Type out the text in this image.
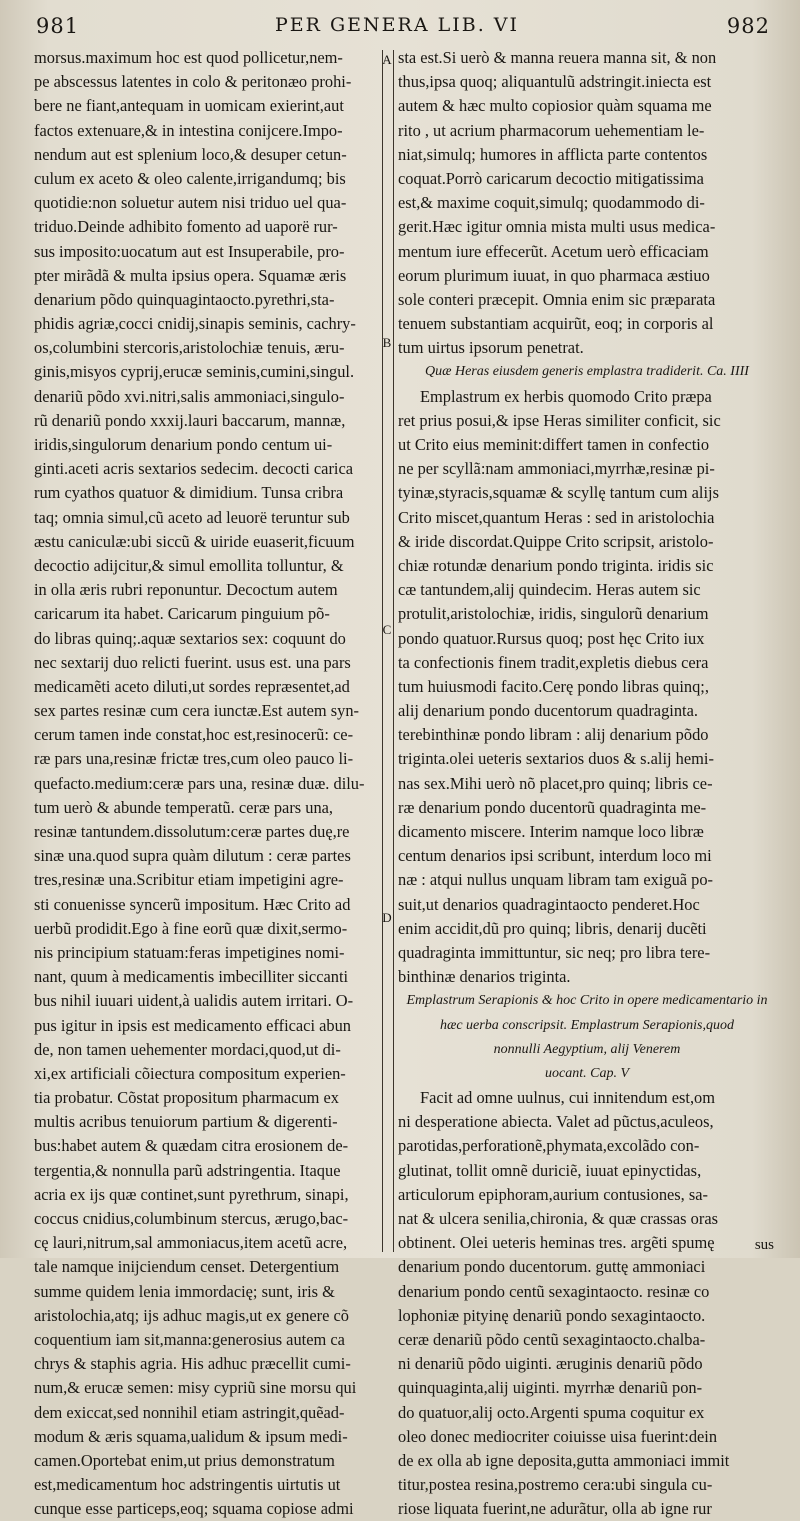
981	PER GENERA LIB. VI	982
A
B
C
D
morsus.maximum hoc est quod pollicetur,nem-
pe abscessus latentes in colo & peritonæo prohi-
bere ne fiant,antequam in uomicam exierint,aut
factos extenuare,& in intestina conijcere.Impo-
nendum aut est splenium loco,& desuper cetun-
culum ex aceto & oleo calente,irrigandumq; bis
quotidie:non soluetur autem nisi triduo uel qua-
triduo.Deinde adhibito fomento ad uaporë rur-
sus imposito:uocatum aut est Insuperabile, pro-
pter mirãdã & multa ipsius opera. Squamæ æris
denarium põdo quinquagintaocto.pyrethri,sta-
phidis agriæ,cocci cnidij,sinapis seminis, cachry-
os,columbini stercoris,aristolochiæ tenuis, æru-
ginis,misyos cyprij,erucæ seminis,cumini,singul.
denariũ põdo xvi.nitri,salis ammoniaci,singulo-
rũ denariũ pondo xxxij.lauri baccarum, mannæ,
iridis,singulorum denarium pondo centum ui-
ginti.aceti acris sextarios sedecim. decocti carica
rum cyathos quatuor & dimidium. Tunsa cribra
taq; omnia simul,cũ aceto ad leuorë teruntur sub
æstu caniculæ:ubi siccũ & uiride euaserit,ficuum
decoctio adijcitur,& simul emollita tolluntur, &
in olla æris rubri reponuntur. Decoctum autem
caricarum ita habet. Caricarum pinguium põ-
do libras quinq;.aquæ sextarios sex: coquunt do
nec sextarij duo relicti fuerint. usus est. una pars
medicamẽti aceto diluti,ut sordes repræsentet,ad
sex partes resinæ cum cera iunctæ.Est autem syn-
cerum tamen inde constat,hoc est,resinocerũ: ce-
ræ pars una,resinæ frictæ tres,cum oleo pauco li-
quefacto.medium:ceræ pars una, resinæ duæ. dilu-
tum uerò & abunde temperatũ. ceræ pars una,
resinæ tantundem.dissolutum:ceræ partes duę,re
sinæ una.quod supra quàm dilutum : ceræ partes
tres,resinæ una.Scribitur etiam impetigini agre-
sti conuenisse syncerũ impositum. Hæc Crito ad
uerbũ prodidit.Ego à fine eorũ quæ dixit,sermo-
nis principium statuam:feras impetigines nomi-
nant, quum à medicamentis imbecilliter siccanti
bus nihil iuuari uident,à ualidis autem irritari. O-
pus igitur in ipsis est medicamento efficaci abun
de, non tamen uehementer mordaci,quod,ut di-
xi,ex artificiali cõiectura compositum experien-
tia probatur. Cõstat propositum pharmacum ex
multis acribus tenuiorum partium & digerenti-
bus:habet autem & quædam citra erosionem de-
tergentia,& nonnulla parũ adstringentia. Itaque
acria ex ijs quæ continet,sunt pyrethrum, sinapi,
coccus cnidius,columbinum stercus, ærugo,bac-
cę lauri,nitrum,sal ammoniacus,item acetũ acre,
tale namque inijciendum censet. Detergentium
summe quidem lenia immordacię; sunt, iris &
aristolochia,atq; ijs adhuc magis,ut ex genere cõ
coquentium iam sit,manna:generosius autem ca
chrys & staphis agria. His adhuc præcellit cumi-
num,& erucæ semen: misy cypriũ sine morsu qui
dem exiccat,sed nonnihil etiam astringit,quẽad-
modum & æris squama,ualidum & ipsum medi-
camen.Oportebat enim,ut prius demonstratum
est,medicamentum hoc adstringentis uirtutis ut
cunque esse particeps,eoq; squama copiose admi
sta est.Si uerò & manna reuera manna sit, & non
thus,ipsa quoq; aliquantulũ adstringit.iniecta est
autem & hæc multo copiosior quàm squama me
rito , ut acrium pharmacorum uehementiam le-
niat,simulq; humores in afflicta parte contentos
coquat.Porrò caricarum decoctio mitigatissima
est,& maxime coquit,simulq; quodammodo di-
gerit.Hæc igitur omnia mista multi usus medica-
mentum iure effecerũt. Acetum uerò efficaciam
eorum plurimum iuuat, in quo pharmaca æstiuo
sole conteri præcepit. Omnia enim sic præparata
tenuem substantiam acquirũt, eoq; in corporis al
tum uirtus ipsorum penetrat.
Quæ Heras eiusdem generis emplastra tradiderit. Ca. IIII
Emplastrum ex herbis quomodo Crito præpa
ret prius posui,& ipse Heras similiter conficit, sic
ut Crito eius meminit:differt tamen in confectio
ne per scyllã:nam ammoniaci,myrrhæ,resinæ pi-
tyinæ,styracis,squamæ & scyllę tantum cum alijs
Crito miscet,quantum Heras : sed in aristolochia
& iride discordat.Quippe Crito scripsit, aristolo-
chiæ rotundæ denarium pondo triginta. iridis sic
cæ tantundem,alij quindecim. Heras autem sic
protulit,aristolochiæ, iridis, singulorũ denarium
pondo quatuor.Rursus quoq; post hęc Crito iux
ta confectionis finem tradit,expletis diebus cera
tum huiusmodi facito.Cerę pondo libras quinq;,
alij denarium pondo ducentorum quadraginta.
terebinthinæ pondo libram : alij denarium põdo
triginta.olei ueteris sextarios duos & s.alij hemi-
nas sex.Mihi uerò nõ placet,pro quinq; libris ce-
ræ denarium pondo ducentorũ quadraginta me-
dicamento miscere. Interim namque loco libræ
centum denarios ipsi scribunt, interdum loco mi
næ : atqui nullus unquam libram tam exiguã po-
suit,ut denarios quadragintaocto penderet.Hoc
enim accidit,dũ pro quinq; libris, denarij ducẽti
quadraginta immittuntur, sic neq; pro libra tere-
binthinæ denarios triginta.
Emplastrum Serapionis & hoc Crito in opere medicamentario in
hæc uerba conscripsit. Emplastrum Serapionis,quod
nonnulli Aegyptium, alij Venerem
uocant. Cap. V
Facit ad omne uulnus, cui innitendum est,om
ni desperatione abiecta. Valet ad pũctus,aculeos,
parotidas,perforationẽ,phymata,excolãdo con-
glutinat, tollit omnẽ duriciẽ, iuuat epinyctidas,
articulorum epiphoram,aurium contusiones, sa-
nat & ulcera senilia,chironia, & quæ crassas oras
obtinent. Olei ueteris heminas tres. argẽti spumę
denarium pondo ducentorum. guttę ammoniaci
denarium pondo centũ sexagintaocto. resinæ co
lophoniæ pityinę denariũ pondo sexagintaocto.
ceræ denariũ põdo centũ sexagintaocto.chalba-
ni denariũ põdo uiginti. æruginis denariũ põdo
quinquaginta,alij uiginti. myrrhæ denariũ pon-
do quatuor,alij octo.Argenti spuma coquitur ex
oleo donec mediocriter coiuisse uisa fuerint:dein
de ex olla ab igne deposita,gutta ammoniaci immit
titur,postea resina,postremo cera:ubi singula cu-
riose liquata fuerint,ne adurãtur, olla ab igne rur
sus
